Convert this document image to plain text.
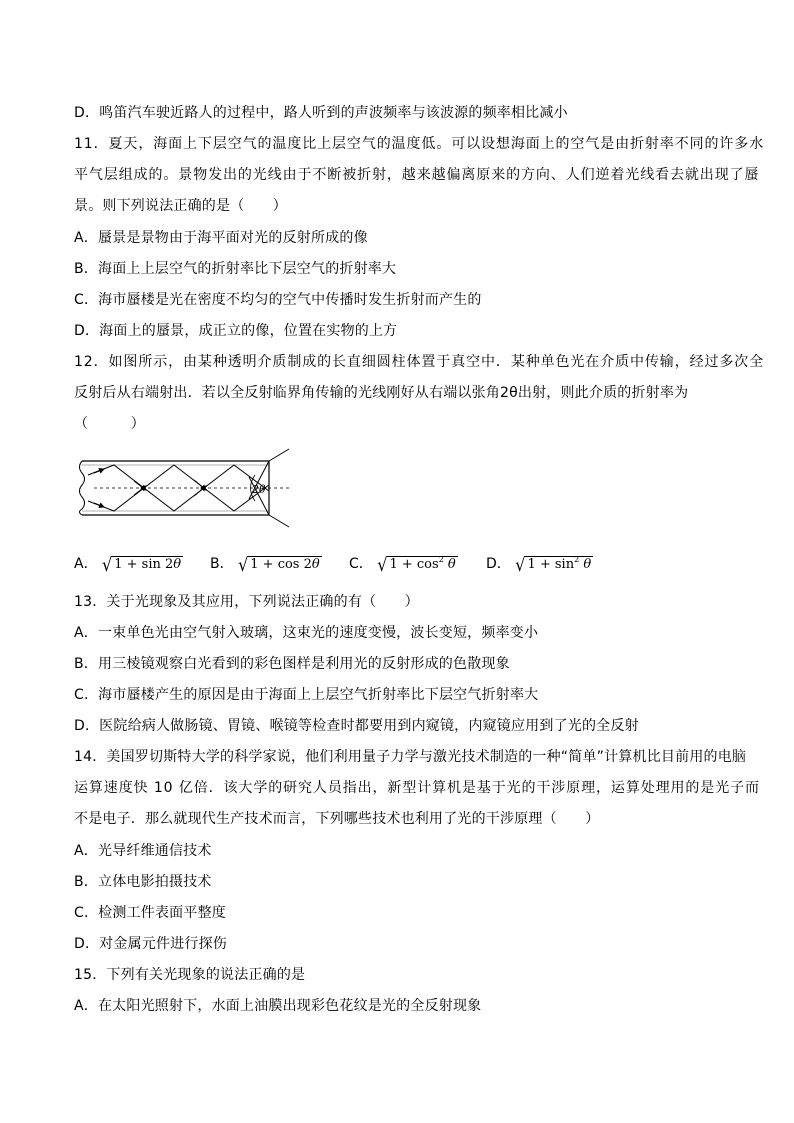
D．鸣笛汽车驶近路人的过程中，路人听到的声波频率与该波源的频率相比减小
11．夏天，海面上下层空气的温度比上层空气的温度低。可以设想海面上的空气是由折射率不同的许多水
平气层组成的。景物发出的光线由于不断被折射，越来越偏离原来的方向、人们逆着光线看去就出现了蜃
景。则下列说法正确的是（　　）
A．蜃景是景物由于海平面对光的反射所成的像
B．海面上上层空气的折射率比下层空气的折射率大
C．海市蜃楼是光在密度不均匀的空气中传播时发生折射而产生的
D．海面上的蜃景，成正立的像，位置在实物的上方
12．如图所示，由某种透明介质制成的长直细圆柱体置于真空中．某种单色光在介质中传输，经过多次全
反射后从右端射出．若以全反射临界角传输的光线刚好从右端以张角2θ出射，则此介质的折射率为
（　　　）
2θ
A． √ 1 + sin 2θ B． √ 1 + cos 2θ C． √ $1 + \cos^2 \theta$ D． √ $1 + \sin^2 \theta$
13．关于光现象及其应用，下列说法正确的有（　　）
A．一束单色光由空气射入玻璃，这束光的速度变慢，波长变短，频率变小
B．用三棱镜观察白光看到的彩色图样是利用光的反射形成的色散现象
C．海市蜃楼产生的原因是由于海面上上层空气折射率比下层空气折射率大
D．医院给病人做肠镜、胃镜、喉镜等检查时都要用到内窥镜，内窥镜应用到了光的全反射
14．美国罗切斯特大学的科学家说，他们利用量子力学与激光技术制造的一种“简单”计算机比目前用的电脑
运算速度快 10 亿倍．该大学的研究人员指出，新型计算机是基于光的干涉原理，运算处理用的是光子而
不是电子．那么就现代生产技术而言，下列哪些技术也利用了光的干涉原理（　　）
A．光导纤维通信技术
B．立体电影拍摄技术
C．检测工件表面平整度
D．对金属元件进行探伤
15．下列有关光现象的说法正确的是
A．在太阳光照射下，水面上油膜出现彩色花纹是光的全反射现象
